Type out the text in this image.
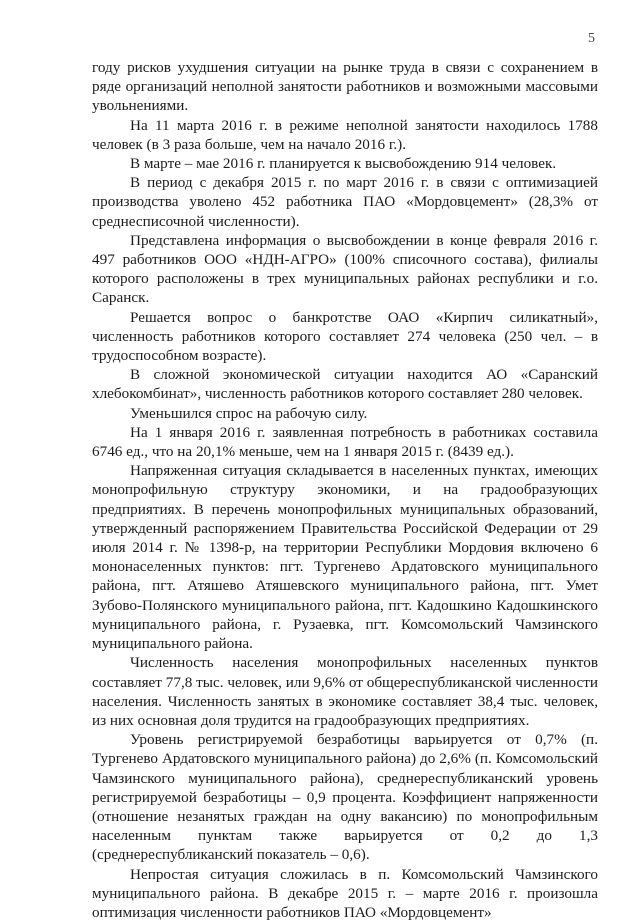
5

году рисков ухудшения ситуации на рынке труда в связи с сохранением в ряде организаций неполной занятости работников и возможными массовыми увольнениями.

На 11 марта 2016 г. в режиме неполной занятости находилось 1788 человек (в 3 раза больше, чем на начало 2016 г.).

В марте – мае 2016 г. планируется к высвобождению 914 человек.

В период с декабря 2015 г. по март 2016 г. в связи с оптимизацией производства уволено 452 работника ПАО «Мордовцемент» (28,3% от среднесписочной численности).

Представлена информация о высвобождении в конце февраля 2016 г. 497 работников ООО «НДН-АГРО» (100% списочного состава), филиалы которого расположены в трех муниципальных районах республики и г.о. Саранск.

Решается вопрос о банкротстве ОАО «Кирпич силикатный», численность работников которого составляет 274 человека (250 чел. – в трудоспособном возрасте).

В сложной экономической ситуации находится АО «Саранский хлебокомбинат», численность работников которого составляет 280 человек.

Уменьшился спрос на рабочую силу.

На 1 января 2016 г. заявленная потребность в работниках составила 6746 ед., что на 20,1% меньше, чем на 1 января 2015 г. (8439 ед.).

Напряженная ситуация складывается в населенных пунктах, имеющих монопрофильную структуру экономики, и на градообразующих предприятиях. В перечень монопрофильных муниципальных образований, утвержденный распоряжением Правительства Российской Федерации от 29 июля 2014 г. № 1398-р, на территории Республики Мордовия включено 6 мононаселенных пунктов: пгт. Тургенево Ардатовского муниципального района, пгт. Атяшево Атяшевского муниципального района, пгт. Умет Зубово-Полянского муниципального района, пгт. Кадошкино Кадошкинского муниципального района, г. Рузаевка, пгт. Комсомольский Чамзинского муниципального района.

Численность населения монопрофильных населенных пунктов составляет 77,8 тыс. человек, или 9,6% от общереспубликанской численности населения. Численность занятых в экономике составляет 38,4 тыс. человек, из них основная доля трудится на градообразующих предприятиях.

Уровень регистрируемой безработицы варьируется от 0,7% (п. Тургенево Ардатовского муниципального района) до 2,6% (п. Комсомольский Чамзинского муниципального района), среднереспубликанский уровень регистрируемой безработицы – 0,9 процента. Коэффициент напряженности (отношение незанятых граждан на одну вакансию) по монопрофильным населенным пунктам также варьируется от 0,2 до 1,3 (среднереспубликанский показатель – 0,6).

Непростая ситуация сложилась в п. Комсомольский Чамзинского муниципального района. В декабре 2015 г. – марте 2016 г. произошла оптимизация численности работников ПАО «Мордовцемент»
